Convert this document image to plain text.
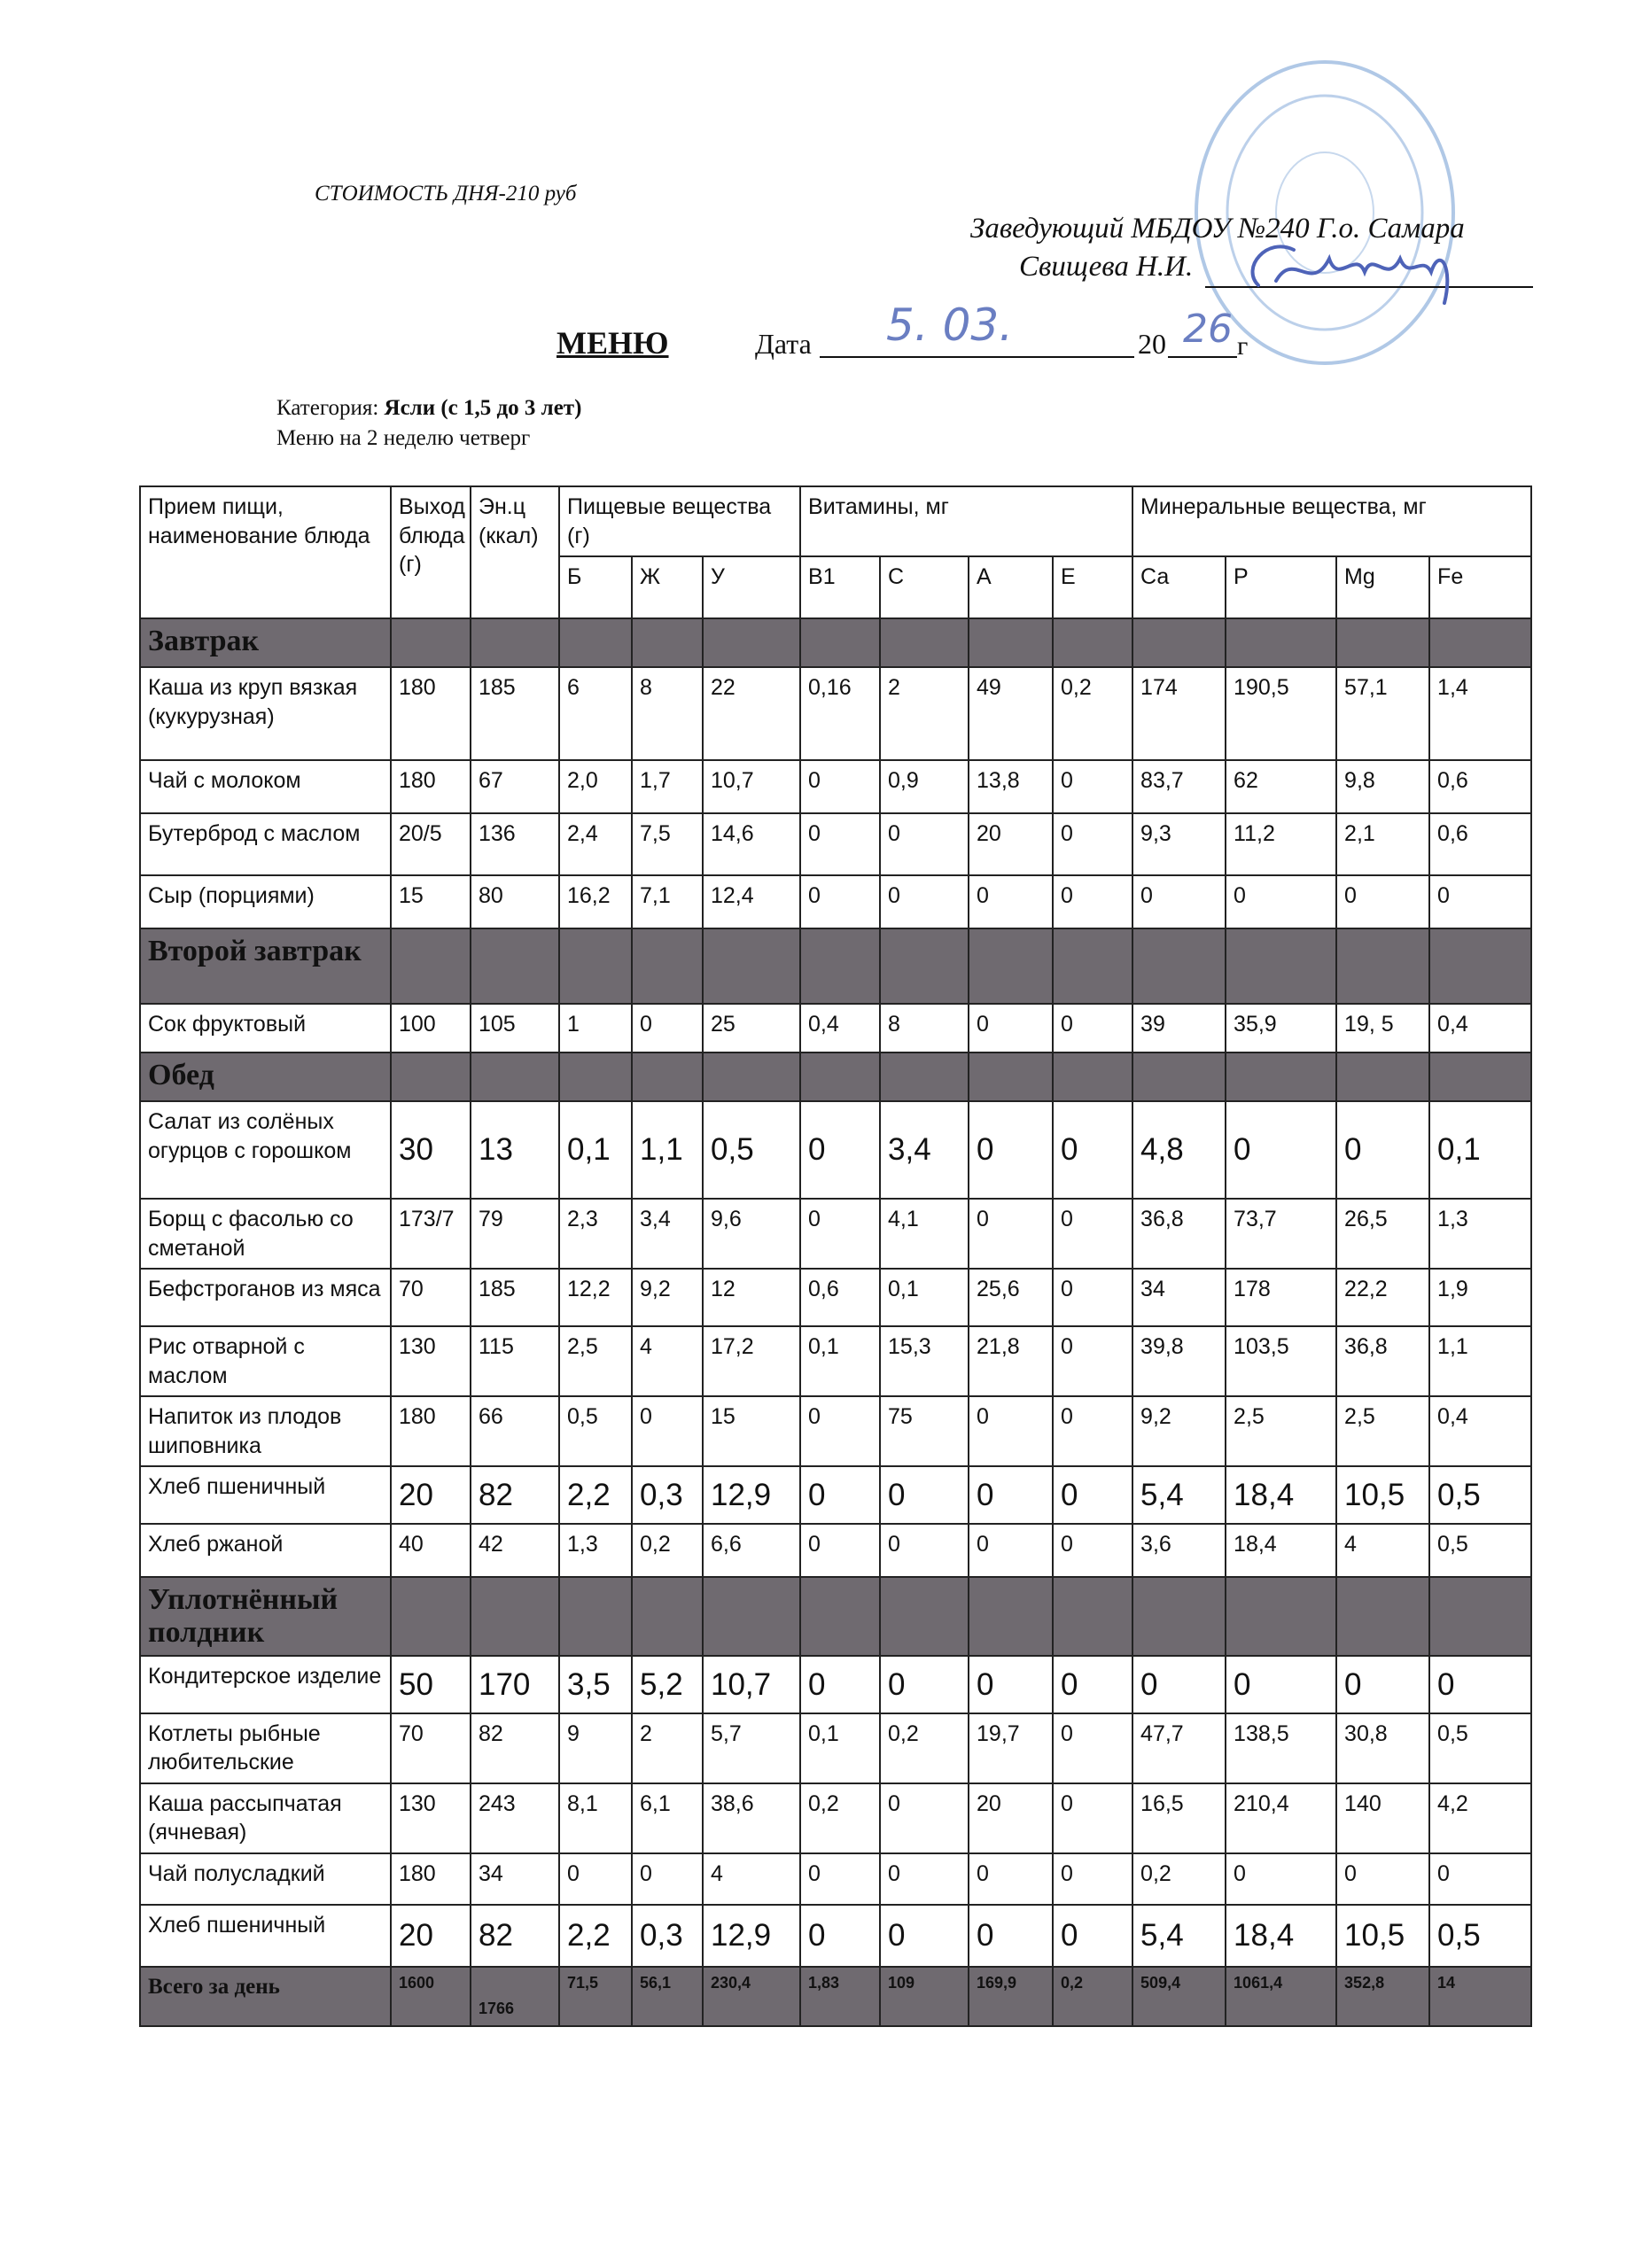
СТОИМОСТЬ ДНЯ-210 руб
Заведующий МБДОУ №240 Г.о. Самара
Свищева Н.И.
МЕНЮ	Дата 5. 03.	20 26 г
Категория: Ясли (с 1,5 до 3 лет)
Меню на 2 неделю четверг
Прием пищи, наименование блюда	Выход блюда (г)	Эн.ц (ккал)	Пищевые вещества (г)			Витамины, мг				Минеральные вещества, мг			
			Б	Ж	У	В1	С	А	Е	Са	Р	Mg	Fe
Завтрак													
Каша из круп вязкая (кукурузная)	180	185	6	8	22	0,16	2	49	0,2	174	190,5	57,1	1,4
Чай с молоком	180	67	2,0	1,7	10,7	0	0,9	13,8	0	83,7	62	9,8	0,6
Бутерброд с маслом	20/5	136	2,4	7,5	14,6	0	0	20	0	9,3	11,2	2,1	0,6
Сыр (порциями)	15	80	16,2	7,1	12,4	0	0	0	0	0	0	0	0
Второй завтрак													
Сок фруктовый	100	105	1	0	25	0,4	8	0	0	39	35,9	19, 5	0,4
Обед													
Салат из солёных огурцов с горошком	30	13	0,1	1,1	0,5	0	3,4	0	0	4,8	0	0	0,1
Борщ с фасолью со сметаной	173/7	79	2,3	3,4	9,6	0	4,1	0	0	36,8	73,7	26,5	1,3
Бефстроганов из мяса	70	185	12,2	9,2	12	0,6	0,1	25,6	0	34	178	22,2	1,9
Рис отварной с маслом	130	115	2,5	4	17,2	0,1	15,3	21,8	0	39,8	103,5	36,8	1,1
Напиток из плодов шиповника	180	66	0,5	0	15	0	75	0	0	9,2	2,5	2,5	0,4
Хлеб пшеничный	20	82	2,2	0,3	12,9	0	0	0	0	5,4	18,4	10,5	0,5
Хлеб ржаной	40	42	1,3	0,2	6,6	0	0	0	0	3,6	18,4	4	0,5
Уплотнённый полдник													
Кондитерское изделие	50	170	3,5	5,2	10,7	0	0	0	0	0	0	0	0
Котлеты рыбные любительские	70	82	9	2	5,7	0,1	0,2	19,7	0	47,7	138,5	30,8	0,5
Каша рассыпчатая (ячневая)	130	243	8,1	6,1	38,6	0,2	0	20	0	16,5	210,4	140	4,2
Чай полусладкий	180	34	0	0	4	0	0	0	0	0,2	0	0	0
Хлеб пшеничный	20	82	2,2	0,3	12,9	0	0	0	0	5,4	18,4	10,5	0,5
Всего за день	1600	1766	71,5	56,1	230,4	1,83	109	169,9	0,2	509,4	1061,4	352,8	14
